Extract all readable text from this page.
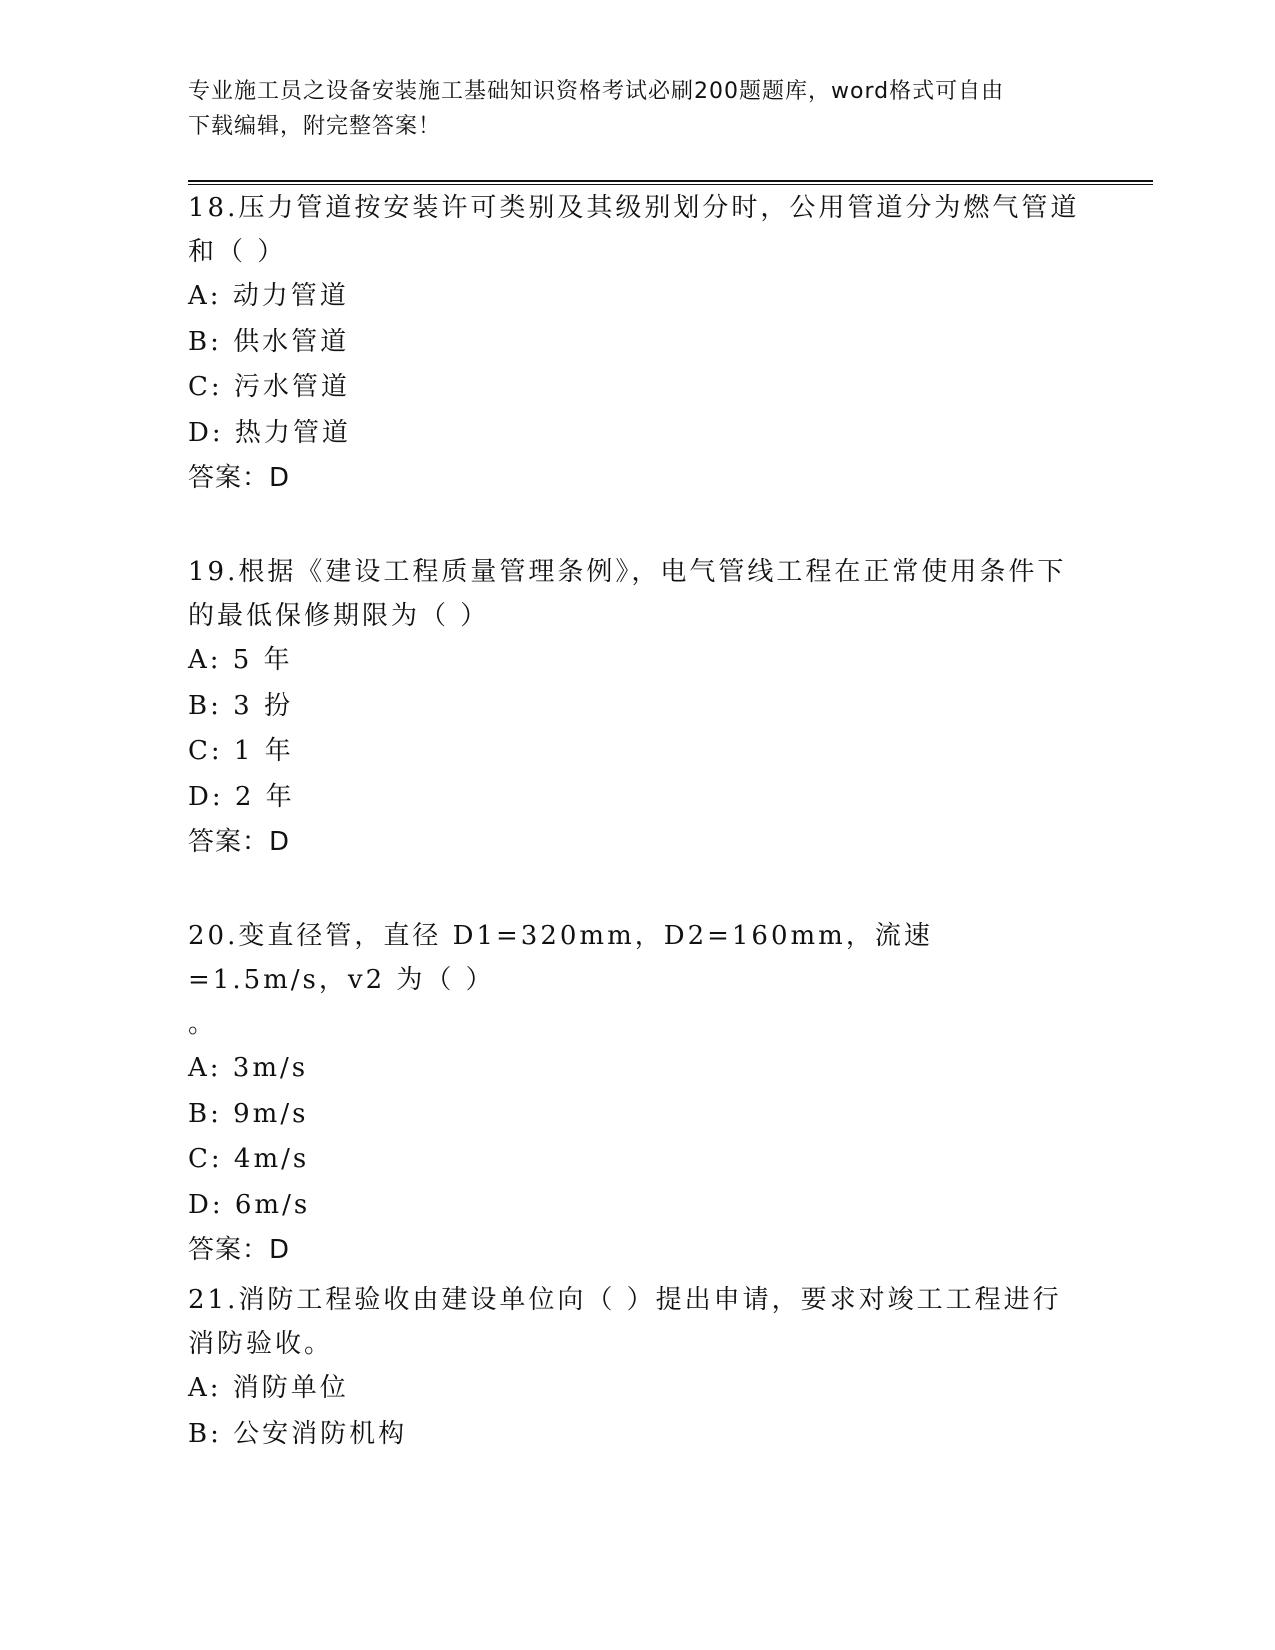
专业施工员之设备安装施工基础知识资格考试必刷200题题库，word格式可自由
下载编辑，附完整答案！
18.压力管道按安装许可类别及其级别划分时，公用管道分为燃气管道
和（ ）
A: 动力管道
B: 供水管道
C: 污水管道
D: 热力管道
答案：D
19.根据《建设工程质量管理条例》，电气管线工程在正常使用条件下
的最低保修期限为（ ）
A: 5 年
B: 3 扮
C: 1 年
D: 2 年
答案：D
20.变直径管，直径 D1=320mm，D2=160mm，流速=1.5m/s，v2 为（ ）
。
A: 3m/s
B: 9m/s
C: 4m/s
D: 6m/s
答案：D
21.消防工程验收由建设单位向（ ）提出申请，要求对竣工工程进行
消防验收。
A: 消防单位
B: 公安消防机构
